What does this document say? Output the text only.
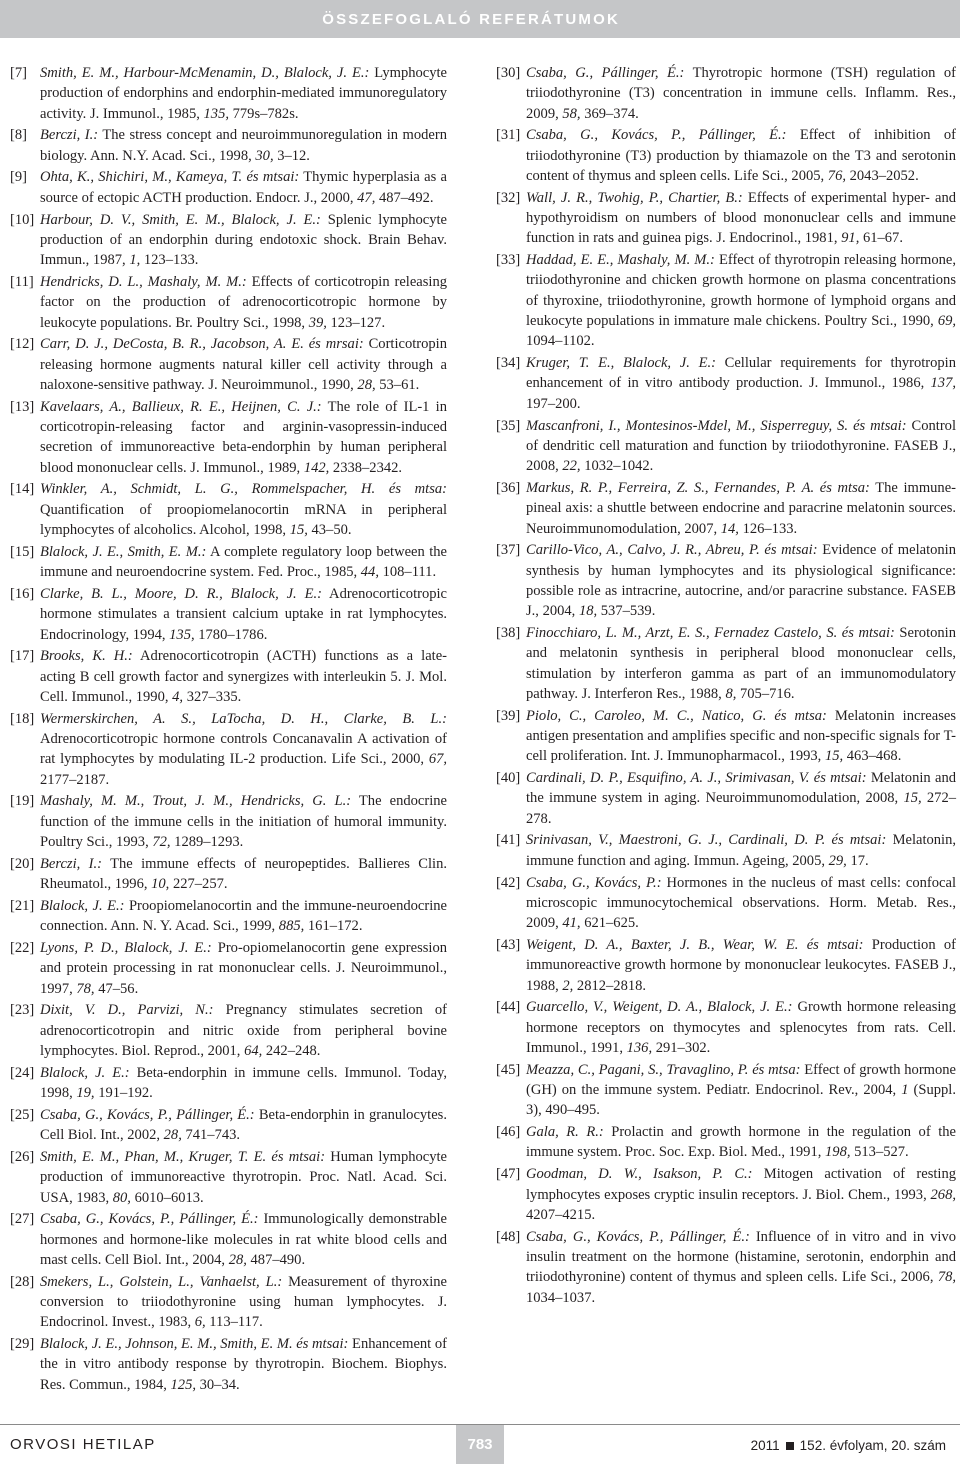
ÖSSZEFOGLALÓ REFERÁTUMOK
[7] Smith, E. M., Harbour-McMenamin, D., Blalock, J. E.: Lymphocyte production of endorphins and endorphin-mediated immunoregulatory activity. J. Immunol., 1985, 135, 779s–782s.
[8] Berczi, I.: The stress concept and neuroimmunoregulation in modern biology. Ann. N.Y. Acad. Sci., 1998, 30, 3–12.
[9] Ohta, K., Shichiri, M., Kameya, T. és mtsai: Thymic hyperplasia as a source of ectopic ACTH production. Endocr. J., 2000, 47, 487–492.
[10] Harbour, D. V., Smith, E. M., Blalock, J. E.: Splenic lymphocyte production of an endorphin during endotoxic shock. Brain Behav. Immun., 1987, 1, 123–133.
[11] Hendricks, D. L., Mashaly, M. M.: Effects of corticotropin releasing factor on the production of adrenocorticotropic hormone by leukocyte populations. Br. Poultry Sci., 1998, 39, 123–127.
[12] Carr, D. J., DeCosta, B. R., Jacobson, A. E. és mrsai: Corticotropin releasing hormone augments natural killer cell activity through a naloxone-sensitive pathway. J. Neuroimmunol., 1990, 28, 53–61.
[13] Kavelaars, A., Ballieux, R. E., Heijnen, C. J.: The role of IL-1 in corticotropin-releasing factor and arginin-vasopressin-induced secretion of immunoreactive beta-endorphin by human peripheral blood mononuclear cells. J. Immunol., 1989, 142, 2338–2342.
[14] Winkler, A., Schmidt, L. G., Rommelspacher, H. és mtsa: Quantification of proopiomelanocortin mRNA in peripheral lymphocytes of alcoholics. Alcohol, 1998, 15, 43–50.
[15] Blalock, J. E., Smith, E. M.: A complete regulatory loop between the immune and neuroendocrine system. Fed. Proc., 1985, 44, 108–111.
[16] Clarke, B. L., Moore, D. R., Blalock, J. E.: Adrenocorticotropic hormone stimulates a transient calcium uptake in rat lymphocytes. Endocrinology, 1994, 135, 1780–1786.
[17] Brooks, K. H.: Adrenocorticotropin (ACTH) functions as a late-acting B cell growth factor and synergizes with interleukin 5. J. Mol. Cell. Immunol., 1990, 4, 327–335.
[18] Wermerskirchen, A. S., LaTocha, D. H., Clarke, B. L.: Adrenocorticotropic hormone controls Concanavalin A activation of rat lymphocytes by modulating IL-2 production. Life Sci., 2000, 67, 2177–2187.
[19] Mashaly, M. M., Trout, J. M., Hendricks, G. L.: The endocrine function of the immune cells in the initiation of humoral immunity. Poultry Sci., 1993, 72, 1289–1293.
[20] Berczi, I.: The immune effects of neuropeptides. Ballieres Clin. Rheumatol., 1996, 10, 227–257.
[21] Blalock, J. E.: Proopiomelanocortin and the immune-neuroendocrine connection. Ann. N. Y. Acad. Sci., 1999, 885, 161–172.
[22] Lyons, P. D., Blalock, J. E.: Pro-opiomelanocortin gene expression and protein processing in rat mononuclear cells. J. Neuroimmunol., 1997, 78, 47–56.
[23] Dixit, V. D., Parvizi, N.: Pregnancy stimulates secretion of adrenocorticotropin and nitric oxide from peripheral bovine lymphocytes. Biol. Reprod., 2001, 64, 242–248.
[24] Blalock, J. E.: Beta-endorphin in immune cells. Immunol. Today, 1998, 19, 191–192.
[25] Csaba, G., Kovács, P., Pállinger, É.: Beta-endorphin in granulocytes. Cell Biol. Int., 2002, 28, 741–743.
[26] Smith, E. M., Phan, M., Kruger, T. E. és mtsai: Human lymphocyte production of immunoreactive thyrotropin. Proc. Natl. Acad. Sci. USA, 1983, 80, 6010–6013.
[27] Csaba, G., Kovács, P., Pállinger, É.: Immunologically demonstrable hormones and hormone-like molecules in rat white blood cells and mast cells. Cell Biol. Int., 2004, 28, 487–490.
[28] Smekers, L., Golstein, L., Vanhaelst, L.: Measurement of thyroxine conversion to triiodothyronine using human lymphocytes. J. Endocrinol. Invest., 1983, 6, 113–117.
[29] Blalock, J. E., Johnson, E. M., Smith, E. M. és mtsai: Enhancement of the in vitro antibody response by thyrotropin. Biochem. Biophys. Res. Commun., 1984, 125, 30–34.
[30] Csaba, G., Pállinger, É.: Thyrotropic hormone (TSH) regulation of triiodothyronine (T3) concentration in immune cells. Inflamm. Res., 2009, 58, 369–374.
[31] Csaba, G., Kovács, P., Pállinger, É.: Effect of inhibition of triiodothyronine (T3) production by thiamazole on the T3 and serotonin content of thymus and spleen cells. Life Sci., 2005, 76, 2043–2052.
[32] Wall, J. R., Twohig, P., Chartier, B.: Effects of experimental hyper- and hypothyroidism on numbers of blood mononuclear cells and immune function in rats and guinea pigs. J. Endocrinol., 1981, 91, 61–67.
[33] Haddad, E. E., Mashaly, M. M.: Effect of thyrotropin releasing hormone, triiodothyronine and chicken growth hormone on plasma concentrations of thyroxine, triiodothyronine, growth hormone of lymphoid organs and leukocyte populations in immature male chickens. Poultry Sci., 1990, 69, 1094–1102.
[34] Kruger, T. E., Blalock, J. E.: Cellular requirements for thyrotropin enhancement of in vitro antibody production. J. Immunol., 1986, 137, 197–200.
[35] Mascanfroni, I., Montesinos-Mdel, M., Sisperreguy, S. és mtsai: Control of dendritic cell maturation and function by triiodothyronine. FASEB J., 2008, 22, 1032–1042.
[36] Markus, R. P., Ferreira, Z. S., Fernandes, P. A. és mtsa: The immune-pineal axis: a shuttle between endocrine and paracrine melatonin sources. Neuroimmunomodulation, 2007, 14, 126–133.
[37] Carillo-Vico, A., Calvo, J. R., Abreu, P. és mtsai: Evidence of melatonin synthesis by human lymphocytes and its physiological significance: possible role as intracrine, autocrine, and/or paracrine substance. FASEB J., 2004, 18, 537–539.
[38] Finocchiaro, L. M., Arzt, E. S., Fernadez Castelo, S. és mtsai: Serotonin and melatonin synthesis in peripheral blood mononuclear cells, stimulation by interferon gamma as part of an immunomodulatory pathway. J. Interferon Res., 1988, 8, 705–716.
[39] Piolo, C., Caroleo, M. C., Natico, G. és mtsa: Melatonin increases antigen presentation and amplifies specific and non-specific signals for T-cell proliferation. Int. J. Immunopharmacol., 1993, 15, 463–468.
[40] Cardinali, D. P., Esquifino, A. J., Srimivasan, V. és mtsai: Melatonin and the immune system in aging. Neuroimmunomodulation, 2008, 15, 272–278.
[41] Srinivasan, V., Maestroni, G. J., Cardinali, D. P. és mtsai: Melatonin, immune function and aging. Immun. Ageing, 2005, 29, 17.
[42] Csaba, G., Kovács, P.: Hormones in the nucleus of mast cells: confocal microscopic immunocytochemical observations. Horm. Metab. Res., 2009, 41, 621–625.
[43] Weigent, D. A., Baxter, J. B., Wear, W. E. és mtsai: Production of immunoreactive growth hormone by mononuclear leukocytes. FASEB J., 1988, 2, 2812–2818.
[44] Guarcello, V., Weigent, D. A., Blalock, J. E.: Growth hormone releasing hormone receptors on thymocytes and splenocytes from rats. Cell. Immunol., 1991, 136, 291–302.
[45] Meazza, C., Pagani, S., Travaglino, P. és mtsa: Effect of growth hormone (GH) on the immune system. Pediatr. Endocrinol. Rev., 2004, 1 (Suppl. 3), 490–495.
[46] Gala, R. R.: Prolactin and growth hormone in the regulation of the immune system. Proc. Soc. Exp. Biol. Med., 1991, 198, 513–527.
[47] Goodman, D. W., Isakson, P. C.: Mitogen activation of resting lymphocytes exposes cryptic insulin receptors. J. Biol. Chem., 1993, 268, 4207–4215.
[48] Csaba, G., Kovács, P., Pállinger, É.: Influence of in vitro and in vivo insulin treatment on the hormone (histamine, serotonin, endorphin and triiodothyronine) content of thymus and spleen cells. Life Sci., 2006, 78, 1034–1037.
ORVOSI HETILAP	783	2011 152. évfolyam, 20. szám
